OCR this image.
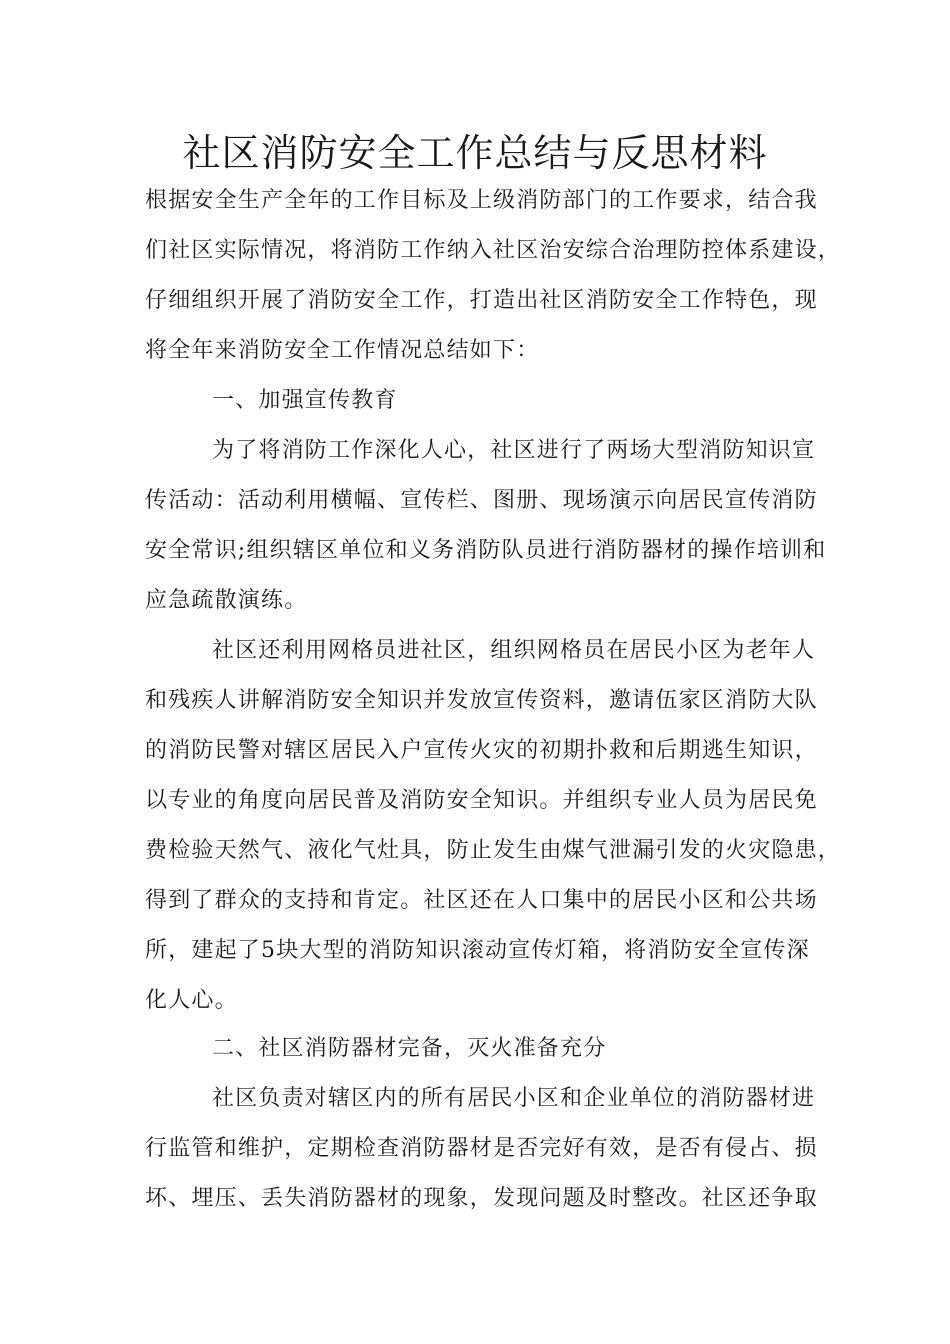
社区消防安全工作总结与反思材料
根据安全生产全年的工作目标及上级消防部门的工作要求，结合我
们社区实际情况，将消防工作纳入社区治安综合治理防控体系建设，
仔细组织开展了消防安全工作，打造出社区消防安全工作特色，现
将全年来消防安全工作情况总结如下：
一、加强宣传教育
为了将消防工作深化人心，社区进行了两场大型消防知识宣
传活动：活动利用横幅、宣传栏、图册、现场演示向居民宣传消防
安全常识;组织辖区单位和义务消防队员进行消防器材的操作培训和
应急疏散演练。
社区还利用网格员进社区，组织网格员在居民小区为老年人
和残疾人讲解消防安全知识并发放宣传资料，邀请伍家区消防大队
的消防民警对辖区居民入户宣传火灾的初期扑救和后期逃生知识，
以专业的角度向居民普及消防安全知识。并组织专业人员为居民免
费检验天然气、液化气灶具，防止发生由煤气泄漏引发的火灾隐患，
得到了群众的支持和肯定。社区还在人口集中的居民小区和公共场
所，建起了5块大型的消防知识滚动宣传灯箱，将消防安全宣传深
化人心。
二、社区消防器材完备，灭火准备充分
社区负责对辖区内的所有居民小区和企业单位的消防器材进
行监管和维护，定期检查消防器材是否完好有效，是否有侵占、损
坏、埋压、丢失消防器材的现象，发现问题及时整改。社区还争取
